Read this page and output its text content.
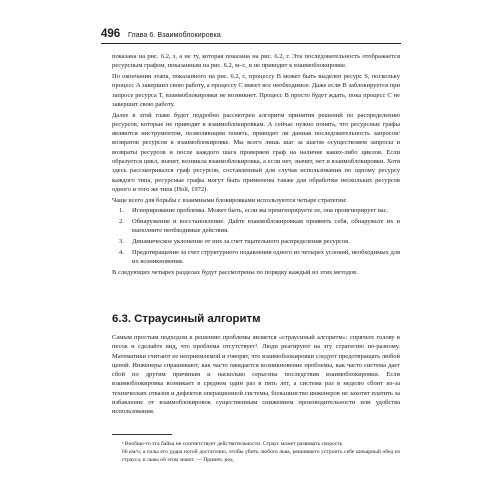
496 Глава 6. Взаимоблокировка

показана на рис. 6.2, з, а не ту, которая показана на рис. 6.2, г. Эта последовательность отображается ресурсным графом, показанным на рис. 6.2, м–с, и не приводит к взаимоблокировке.

По окончании этапа, показанного на рис. 6.2, с, процессу B может быть выделен ресурс S, поскольку процесс A завершил свою работу, а процессу C имеет все необходимое. Даже если B заблокируется при запросе ресурса T, взаимоблокировки не возникнет. Процесс B просто будет ждать, пока процесс C не завершит свою работу.

Далее в этой главе будет подробно рассмотрен алгоритм принятия решений по распределению ресурсов, которые не приводят к взаимоблокировкам. А сейчас нужно понять, что ресурсные графы являются инструментом, позволяющим понять, приводит ли данная последовательность запросов/возвратов ресурсов к взаимоблокировке. Мы всего лишь шаг за шагом осуществляем запросы и возвраты ресурсов и после каждого шага проверяем граф на наличие каких-либо циклов. Если образуется цикл, значит, возникла взаимоблокировка, а если нет, значит, нет и взаимоблокировки. Хотя здесь рассматривался граф ресурсов, составленный для случая использования по одному ресурсу каждого типа, ресурсные графы могут быть применены также для обработки нескольких ресурсов одного и того же типа (Holt, 1972).

Чаще всего для борьбы с взаимными блокировками используются четыре стратегии:

1. Игнорирование проблемы. Может быть, если вы проигнорируете ее, она проигнорирует вас.
2. Обнаружение и восстановление. Дайте взаимоблокировкам проявить себя, обнаружьте их и выполните необходимые действия.
3. Динамическое уклонение от них за счет тщательного распределения ресурсов.
4. Предотвращение за счет структурного подавления одного из четырех условий, необходимых для их возникновения.

В следующих четырех разделах будут рассмотрены по порядку каждый из этих методов.

6.3. Страусиный алгоритм

Самым простым подходом к решению проблемы является «страусиный алгоритм»: спрячьте голову в песок и сделайте вид, что проблема отсутствует¹. Люди реагируют на эту стратегию по-разному. Математики считают ее неприемлемой и говорят, что взаимоблокировки следует предотвращать любой ценой. Инженеры спрашивают, как часто ожидается возникновение проблемы, как часто система дает сбой по другим причинам и насколько серьезны последствия взаимоблокировки. Если взаимоблокировка возникает в среднем один раз в пять лет, а система раз в неделю сбоит из-за технических отказов и дефектов операционной системы, большинство инженеров не захотят платить за избавление от взаимоблокировок существенным снижением производительности или удобства использования.

$^{^1}$ Вообще-то эта байка не соответствует действительности. Страус может развивать скорость
60 км/ч, а силы его удара ногой достаточно, чтобы убить любого льва, решившего устроить себе шикарный обед из страуса, и львы об этом знают. — Примеч. ред.
